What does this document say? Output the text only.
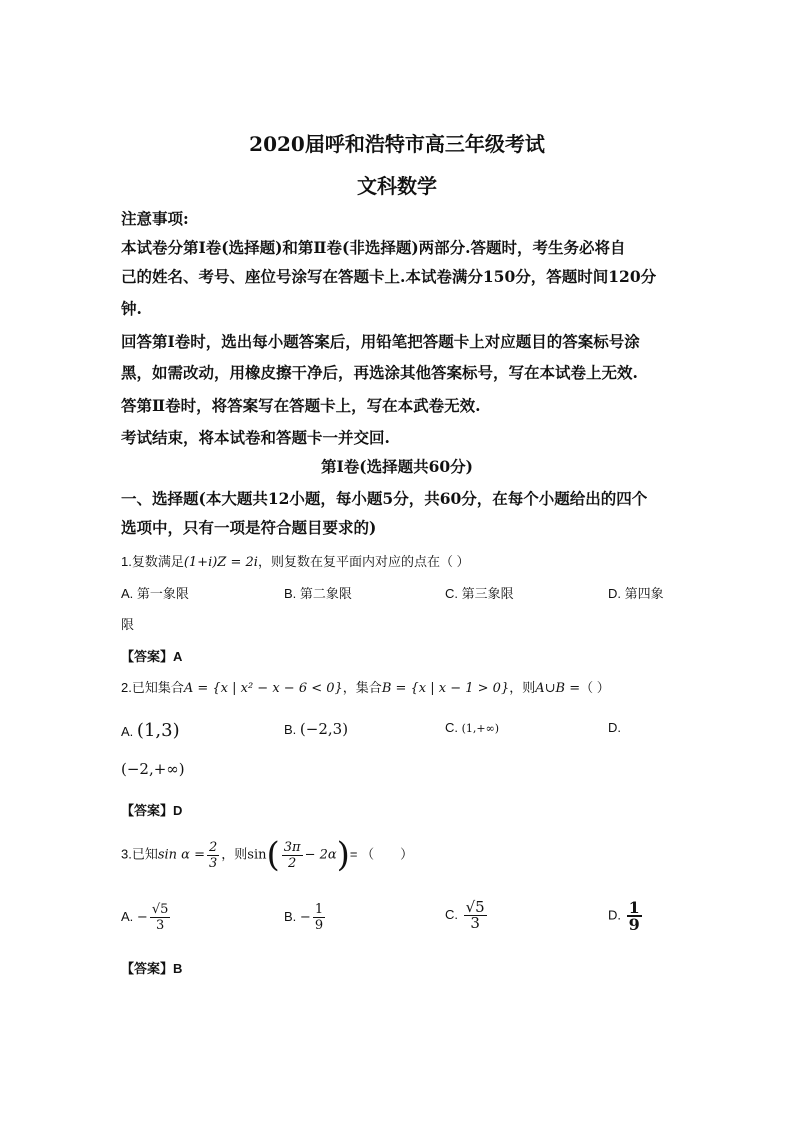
2020届呼和浩特市高三年级考试
文科数学
注意事项:
本试卷分第Ⅰ卷(选择题)和第Ⅱ卷(非选择题)两部分.答题时，考生务必将自
己的姓名、考号、座位号涂写在答题卡上.本试卷满分150分，答题时间120分
钟.
回答第Ⅰ卷时，选出每小题答案后，用铅笔把答题卡上对应题目的答案标号涂
黑，如需改动，用橡皮擦干净后，再选涂其他答案标号，写在本试卷上无效.
答第Ⅱ卷时，将答案写在答题卡上，写在本武卷无效.
考试结束，将本试卷和答题卡一并交回.
第Ⅰ卷(选择题共60分)
一、选择题(本大题共12小题，每小题5分，共60分，在每个小题给出的四个
选项中，只有一项是符合题目要求的)
1.复数满足(1+i)Z = 2i，则复数在复平面内对应的点在（ ）
A. 第一象限	B. 第二象限	C. 第三象限	D. 第四象
限
【答案】A
2.已知集合A = {x | x² − x − 6 < 0}，集合B = {x | x − 1 > 0}，则A∪B =（ ）
A. (1,3)	B. (−2,3)	C. (1,+∞)	D.
(−2,+∞)
【答案】D
3.已知$\sin \alpha = \frac{2}{3}$ ，则$\sin( \frac{3\pi}{2} - 2\alpha)=$ （　　）
A. − $\frac{√5}{3}$	B. − $\frac{1}{9}$	C. $\frac{√5}{3}$	D. $\frac{1}{9}$
【答案】B
